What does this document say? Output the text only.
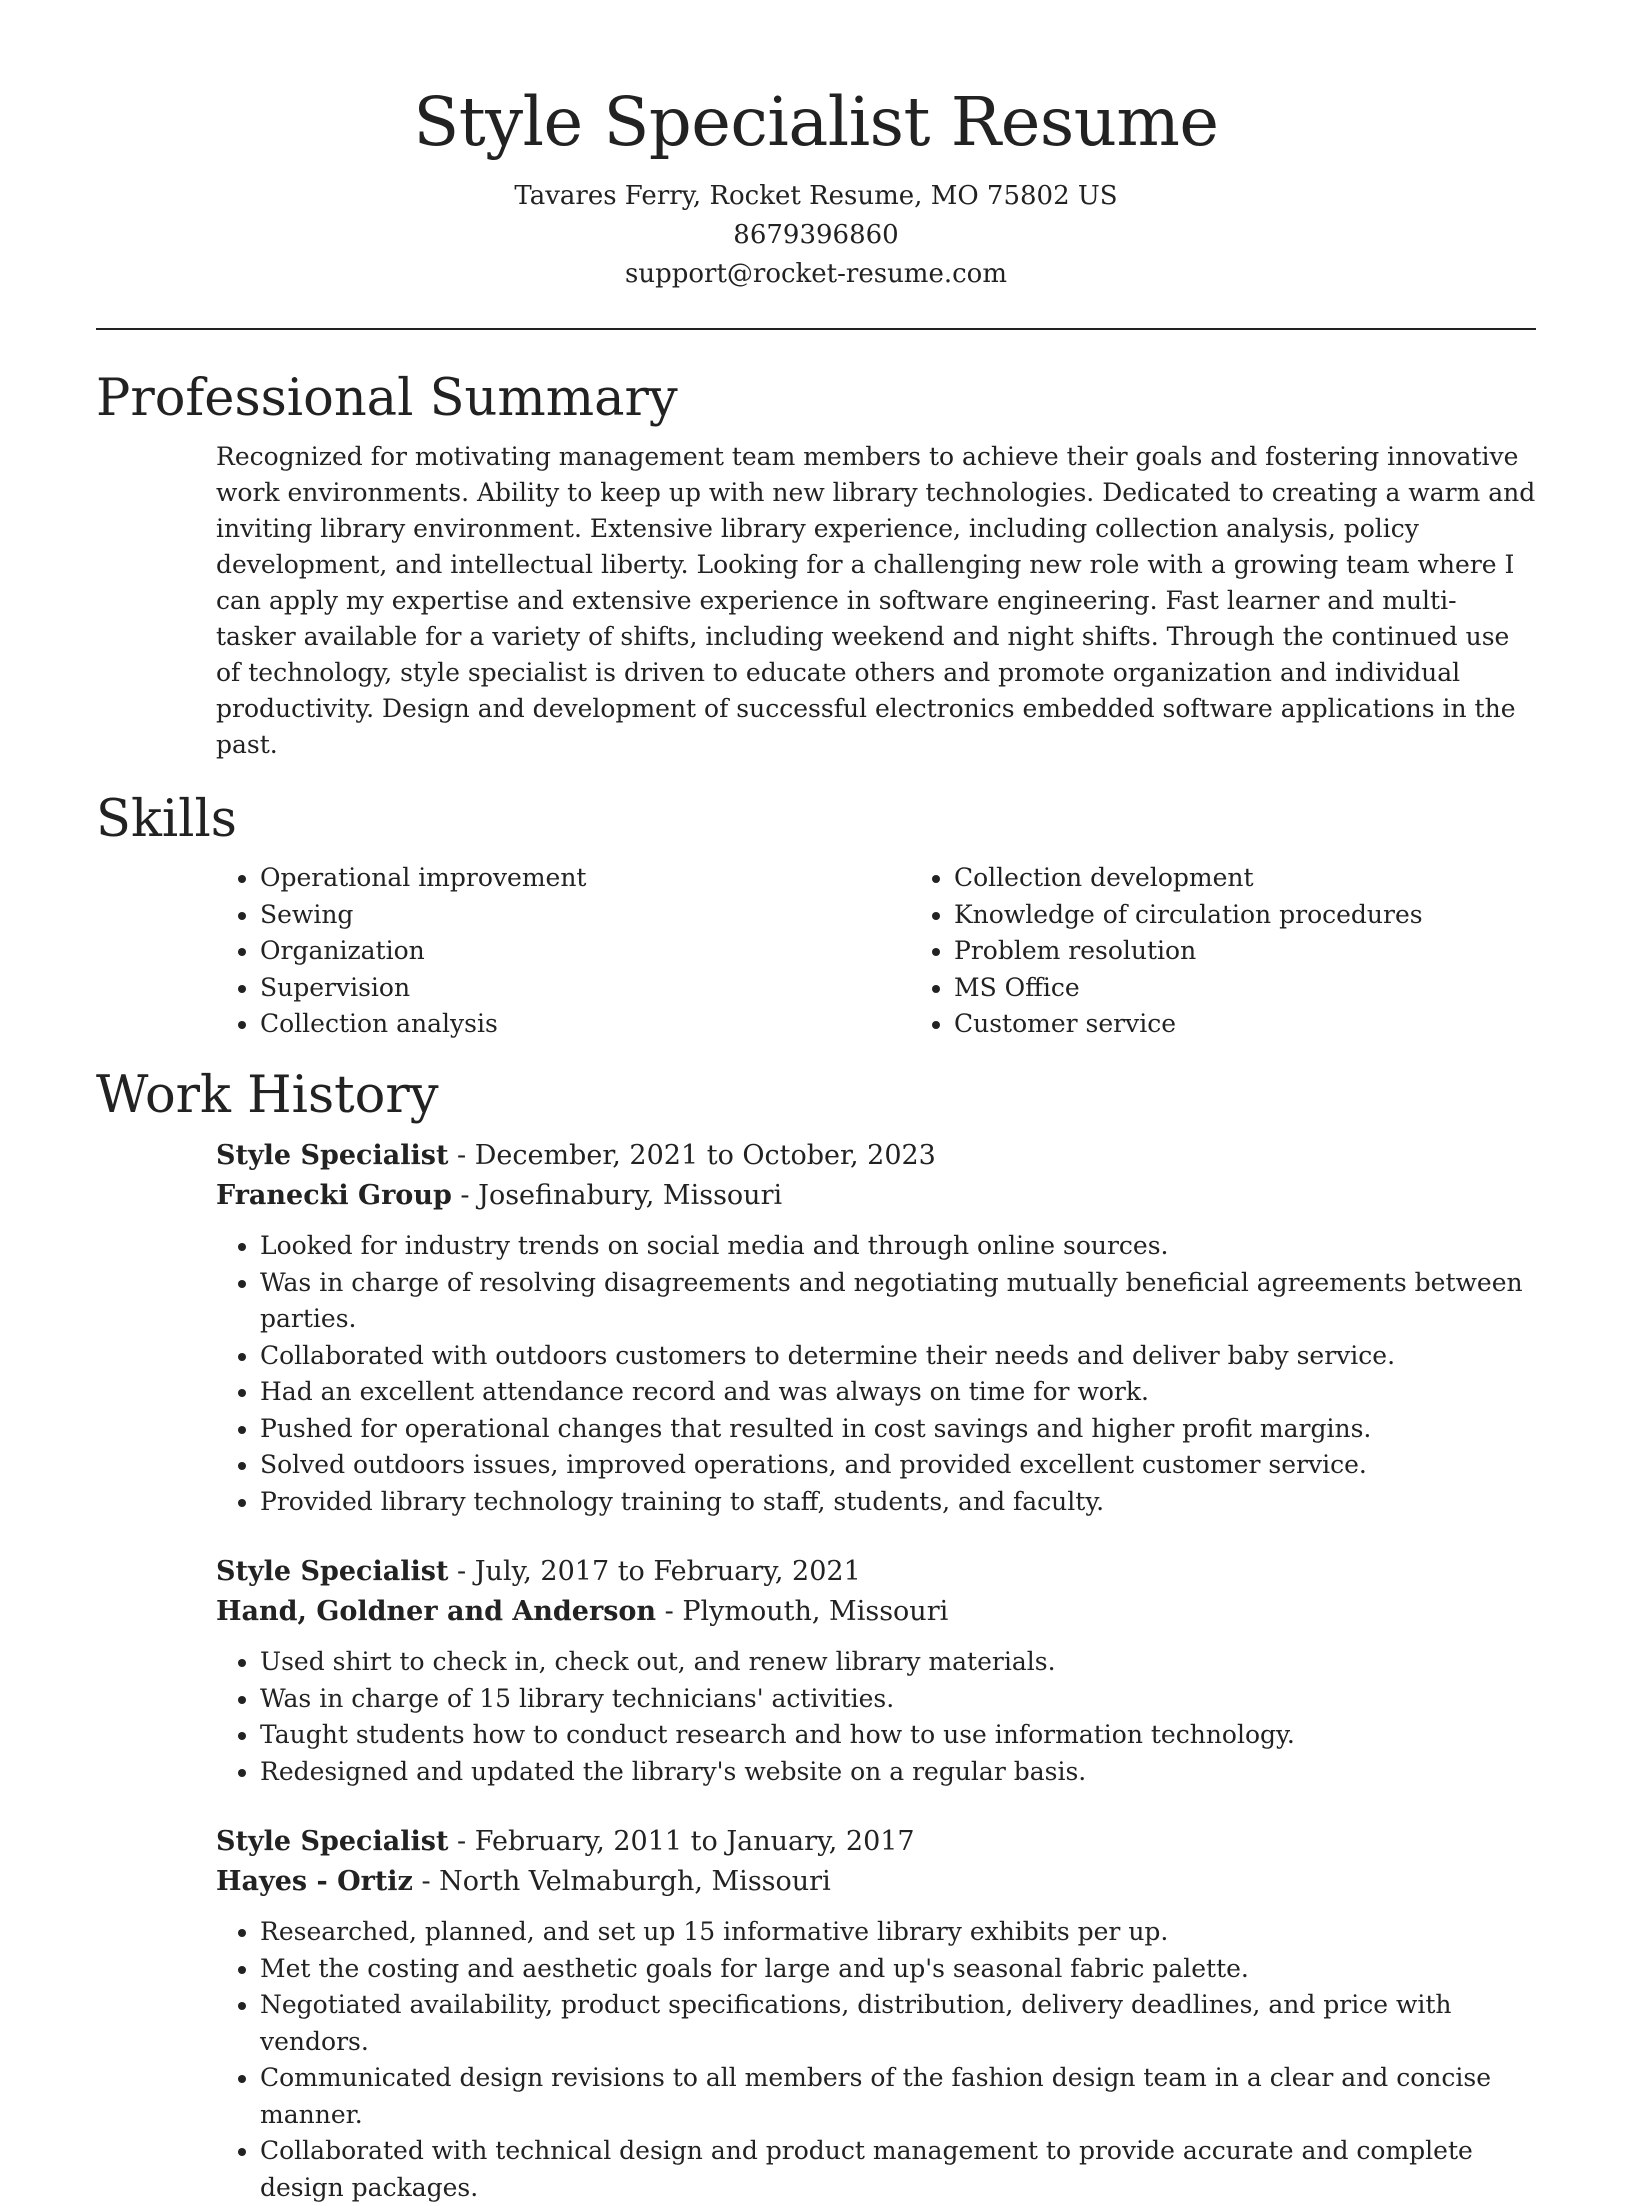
Style Specialist Resume
Tavares Ferry, Rocket Resume, MO 75802 US
8679396860
support@rocket-resume.com
Professional Summary

Recognized for motivating management team members to achieve their goals and fostering innovative work environments. Ability to keep up with new library technologies. Dedicated to creating a warm and inviting library environment. Extensive library experience, including collection analysis, policy development, and intellectual liberty. Looking for a challenging new role with a growing team where I can apply my expertise and extensive experience in software engineering. Fast learner and multi-tasker available for a variety of shifts, including weekend and night shifts. Through the continued use of technology, style specialist is driven to educate others and promote organization and individual productivity. Design and development of successful electronics embedded software applications in the past.

Skills
• Operational improvement
• Sewing
• Organization
• Supervision
• Collection analysis
• Collection development
• Knowledge of circulation procedures
• Problem resolution
• MS Office
• Customer service
Work History
Style Specialist - December, 2021 to October, 2023
Franecki Group - Josefinabury, Missouri
• Looked for industry trends on social media and through online sources.
• Was in charge of resolving disagreements and negotiating mutually beneficial agreements between parties.
• Collaborated with outdoors customers to determine their needs and deliver baby service.
• Had an excellent attendance record and was always on time for work.
• Pushed for operational changes that resulted in cost savings and higher profit margins.
• Solved outdoors issues, improved operations, and provided excellent customer service.
• Provided library technology training to staff, students, and faculty.
Style Specialist - July, 2017 to February, 2021
Hand, Goldner and Anderson - Plymouth, Missouri
• Used shirt to check in, check out, and renew library materials.
• Was in charge of 15 library technicians' activities.
• Taught students how to conduct research and how to use information technology.
• Redesigned and updated the library's website on a regular basis.
Style Specialist - February, 2011 to January, 2017
Hayes - Ortiz - North Velmaburgh, Missouri
• Researched, planned, and set up 15 informative library exhibits per up.
• Met the costing and aesthetic goals for large and up's seasonal fabric palette.
• Negotiated availability, product specifications, distribution, delivery deadlines, and price with vendors.
• Communicated design revisions to all members of the fashion design team in a clear and concise manner.
• Collaborated with technical design and product management to provide accurate and complete design packages.
